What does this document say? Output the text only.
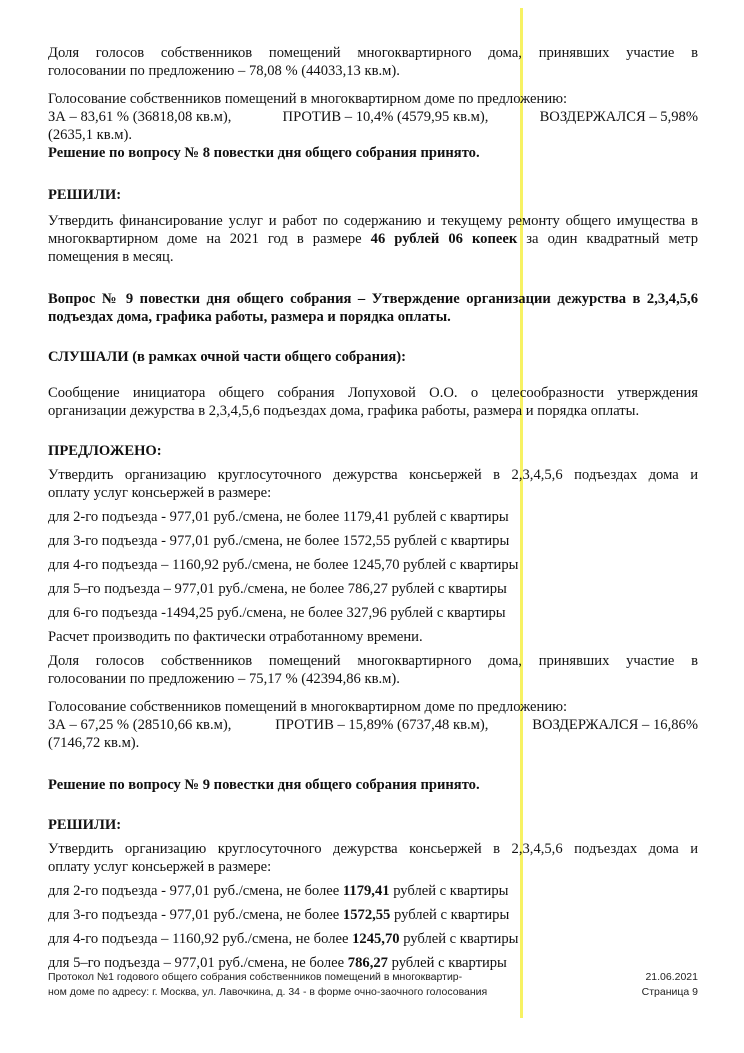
Доля голосов собственников помещений многоквартирного дома, принявших участие в

голосовании по предложению – 78,08 % (44033,13 кв.м).

Голосование собственников помещений в многоквартирном доме по предложению:

ЗА – 83,61 % (36818,08 кв.м),	ПРОТИВ – 10,4% (4579,95 кв.м),	ВОЗДЕРЖАЛСЯ – 5,98%

(2635,1 кв.м).

Решение по вопросу № 8 повестки дня общего собрания принято.

РЕШИЛИ:

Утвердить финансирование услуг и работ по содержанию и текущему ремонту общего имущества в

многоквартирном доме на 2021 год в размере 46 рублей 06 копеек за один квадратный метр

помещения в месяц.

Вопрос № 9 повестки дня общего собрания – Утверждение организации дежурства в 2,3,4,5,6

подъездах дома, графика работы, размера и порядка оплаты.

СЛУШАЛИ (в рамках очной части общего собрания):

Сообщение инициатора общего собрания Лопуховой О.О. о целесообразности утверждения

организации дежурства в 2,3,4,5,6 подъездах дома, графика работы, размера и порядка оплаты.

ПРЕДЛОЖЕНО:

Утвердить организацию круглосуточного дежурства консьержей в 2,3,4,5,6 подъездах дома и

оплату услуг консьержей в размере:

для 2-го подъезда - 977,01 руб./смена, не более 1179,41 рублей с квартиры

для 3-го подъезда - 977,01 руб./смена, не более 1572,55 рублей с квартиры

для 4-го подъезда – 1160,92 руб./смена, не более 1245,70 рублей с квартиры

для 5–го подъезда – 977,01 руб./смена, не более 786,27 рублей с квартиры

для 6-го подъезда -1494,25 руб./смена, не более 327,96 рублей с квартиры

Расчет производить по фактически отработанному времени.

Доля голосов собственников помещений многоквартирного дома, принявших участие в

голосовании по предложению – 75,17 % (42394,86 кв.м).

Голосование собственников помещений в многоквартирном доме по предложению:

ЗА – 67,25 % (28510,66 кв.м),	ПРОТИВ – 15,89% (6737,48 кв.м),	ВОЗДЕРЖАЛСЯ – 16,86%

(7146,72 кв.м).

Решение по вопросу № 9 повестки дня общего собрания принято.

РЕШИЛИ:

Утвердить организацию круглосуточного дежурства консьержей в 2,3,4,5,6 подъездах дома и

оплату услуг консьержей в размере:

для 2-го подъезда - 977,01 руб./смена, не более 1179,41 рублей с квартиры

для 3-го подъезда - 977,01 руб./смена, не более 1572,55 рублей с квартиры

для 4-го подъезда – 1160,92 руб./смена, не более 1245,70 рублей с квартиры

для 5–го подъезда – 977,01 руб./смена, не более 786,27 рублей с квартиры

Протокол №1 годового общего собрания собственников помещений в многоквартир-
ном доме по адресу: г. Москва, ул. Лавочкина, д. 34 - в форме очно-заочного голосования
21.06.2021
Страница 9
